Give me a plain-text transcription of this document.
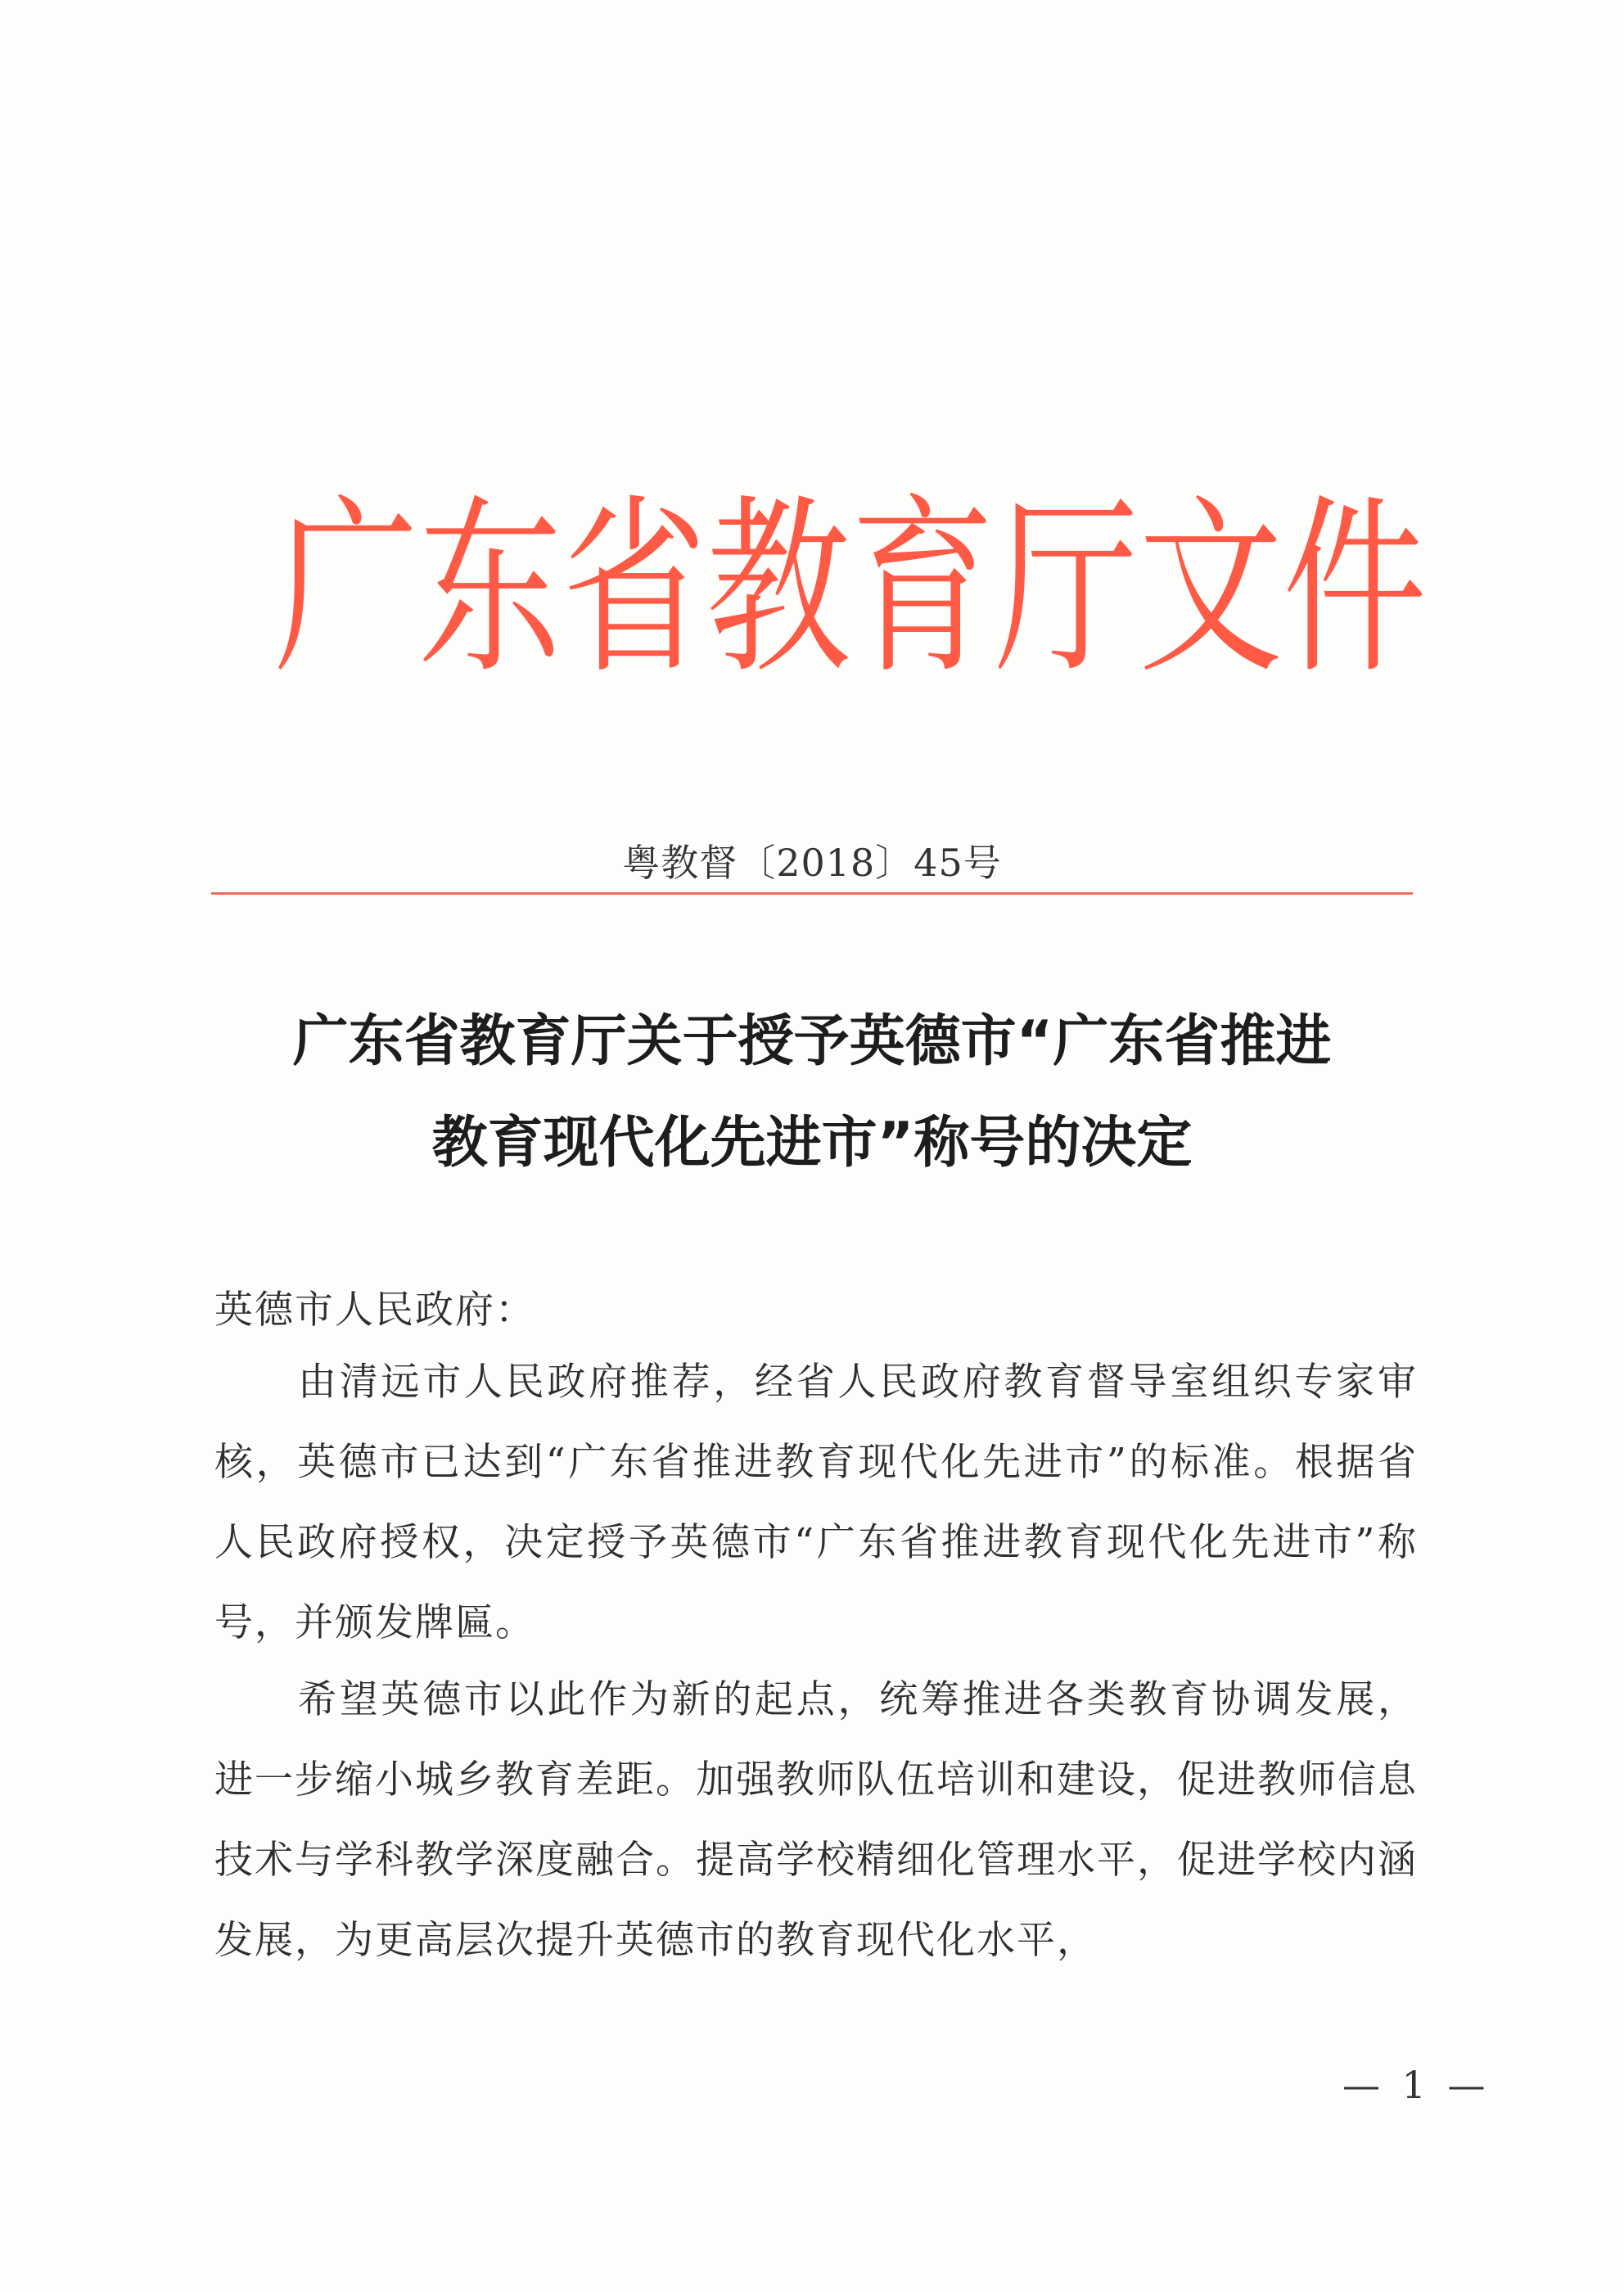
广 东 省 教 育 厅 文 件
粤教督〔2018〕45号
广东省教育厅关于授予英德市“广东省推进
教育现代化先进市”称号的决定
英德市人民政府：
由清远市人民政府推荐，经省人民政府教育督导室组织专家审核，英德市已达到“广东省推进教育现代化先进市”的标准。根据省人民政府授权，决定授予英德市“广东省推进教育现代化先进市”称号，并颁发牌匾。
希望英德市以此作为新的起点，统筹推进各类教育协调发展，进一步缩小城乡教育差距。加强教师队伍培训和建设，促进教师信息技术与学科教学深度融合。提高学校精细化管理水平，促进学校内涵发展，为更高层次提升英德市的教育现代化水平，
— 1 —
